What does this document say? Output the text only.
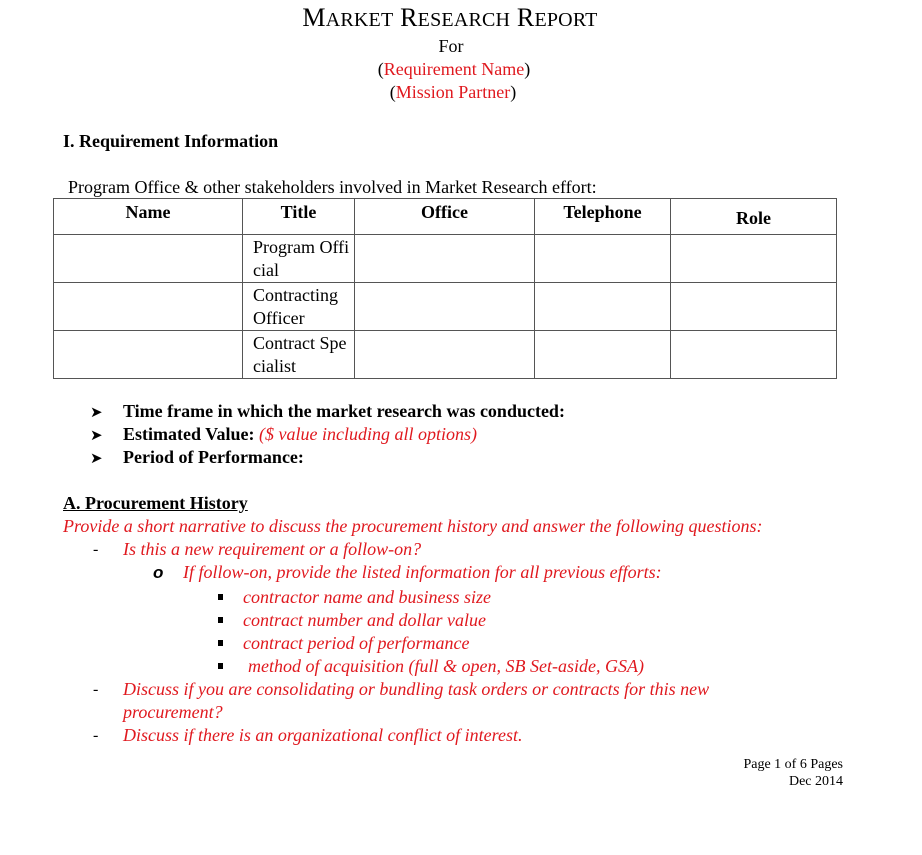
MARKET RESEARCH REPORT
For
(Requirement Name)
(Mission Partner)
I. Requirement Information
Program Office & other stakeholders involved in Market Research effort:
Name	Title	Office	Telephone	Role
	Program Official			
	Contracting Officer			
	Contract Specialist			
➤ Time frame in which the market research was conducted:
➤ Estimated Value: ($ value including all options)
➤ Period of Performance:
A. Procurement History
Provide a short narrative to discuss the procurement history and answer the following questions:
- Is this a new requirement or a follow-on?
o If follow-on, provide the listed information for all previous efforts:
contractor name and business size
contract number and dollar value
contract period of performance
method of acquisition (full & open, SB Set-aside, GSA)
- Discuss if you are consolidating or bundling task orders or contracts for this new
procurement?
- Discuss if there is an organizational conflict of interest.
Page 1 of 6 Pages
Dec 2014
